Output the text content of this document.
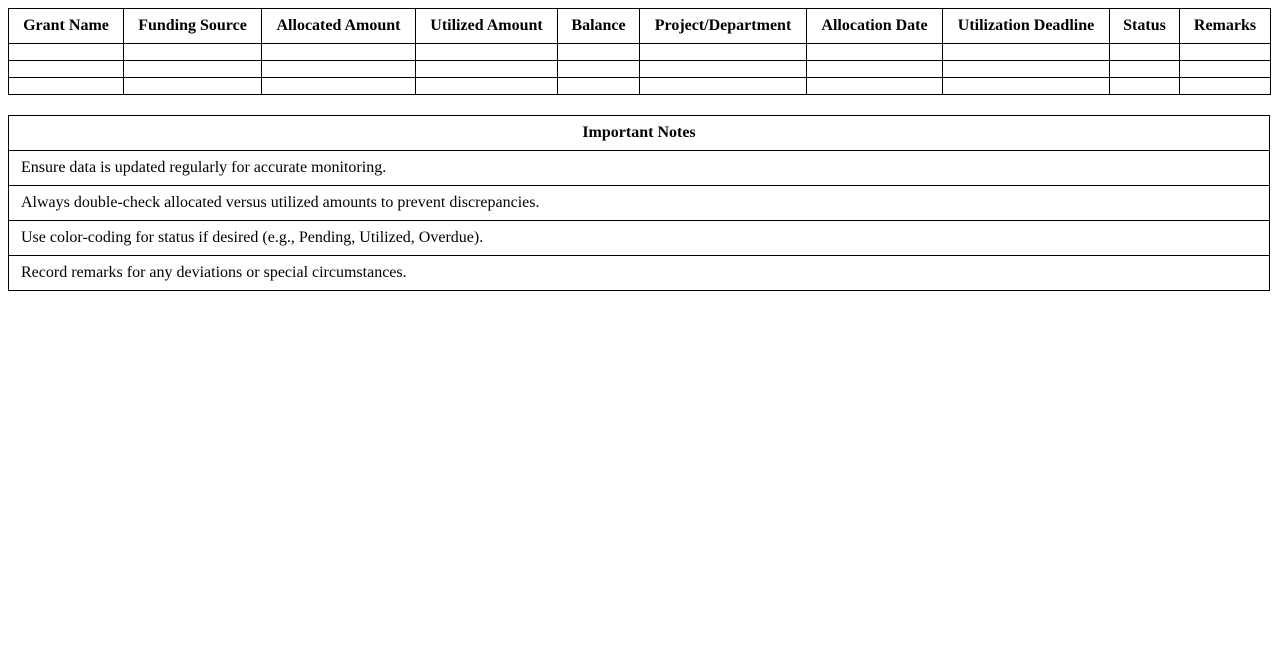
Grant Name	Funding Source	Allocated Amount	Utilized Amount	Balance	Project/Department	Allocation Date	Utilization Deadline	Status	Remarks

Important Notes
Ensure data is updated regularly for accurate monitoring.
Always double-check allocated versus utilized amounts to prevent discrepancies.
Use color-coding for status if desired (e.g., Pending, Utilized, Overdue).
Record remarks for any deviations or special circumstances.
